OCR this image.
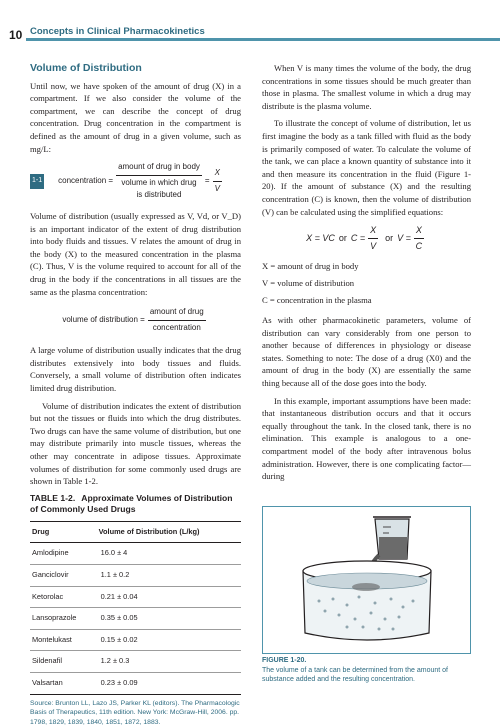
10 Concepts in Clinical Pharmacokinetics
Volume of Distribution

Until now, we have spoken of the amount of drug (X) in a compartment. If we also consider the volume of the compartment, we can describe the concept of drug concentration. Drug concentration in the compartment is defined as the amount of drug in a given volume, such as mg/L:

1-1 concentration = $\frac{\text{amount of drug in body}}{\text{volume in which drug is distributed}} = \frac{X}{V}$

Volume of distribution (usually expressed as V, Vd, or V_D) is an important indicator of the extent of drug distribution into body fluids and tissues. V relates the amount of drug in the body (X) to the measured concentration in the plasma (C). Thus, V is the volume required to account for all of the drug in the body if the concentrations in all tissues are the same as the plasma concentration:

volume of distribution = $\frac{\text{amount of drug}}{\text{concentration}}$

A large volume of distribution usually indicates that the drug distributes extensively into body tissues and fluids. Conversely, a small volume of distribution often indicates limited drug distribution.

Volume of distribution indicates the extent of distribution but not the tissues or fluids into which the drug distributes. Two drugs can have the same volume of distribution, but one may distribute primarily into muscle tissues, whereas the other may concentrate in adipose tissues. Approximate volumes of distribution for some commonly used drugs are shown in Table 1-2.

TABLE 1-2. Approximate Volumes of Distribution of Commonly Used Drugs
Drug	Volume of Distribution (L/kg)
Amlodipine	16.0 ± 4
Ganciclovir	1.1 ± 0.2
Ketorolac	0.21 ± 0.04
Lansoprazole	0.35 ± 0.05
Montelukast	0.15 ± 0.02
Sildenafil	1.2 ± 0.3
Valsartan	0.23 ± 0.09
Source: Brunton LL, Lazo JS, Parker KL (editors). The Pharmacologic Basis of Therapeutics, 11th edition. New York: McGraw-Hill, 2006. pp. 1798, 1829, 1839, 1840, 1851, 1872, 1883.

When V is many times the volume of the body, the drug concentrations in some tissues should be much greater than those in plasma. The smallest volume in which a drug may distribute is the plasma volume.

To illustrate the concept of volume of distribution, let us first imagine the body as a tank filled with fluid as the body is primarily composed of water. To calculate the volume of the tank, we can place a known quantity of substance into it and then measure its concentration in the fluid (Figure 1-20). If the amount of substance (X) and the resulting concentration (C) is known, then the volume of distribution (V) can be calculated using the simplified equations:

X = VC or $C = \frac{X}{V}$ or $V = \frac{X}{C}$
X = amount of drug in body
V = volume of distribution
C = concentration in the plasma

As with other pharmacokinetic parameters, volume of distribution can vary considerably from one person to another because of differences in physiology or disease states. Something to note: The dose of a drug (X0) and the amount of drug in the body (X) are essentially the same thing because all of the dose goes into the body.

In this example, important assumptions have been made: that instantaneous distribution occurs and that it occurs equally throughout the tank. In the closed tank, there is no elimination. This example is analogous to a one-compartment model of the body after intravenous bolus administration. However, there is one complicating factor—during

FIGURE 1-20.
The volume of a tank can be determined from the amount of substance added and the resulting concentration.
